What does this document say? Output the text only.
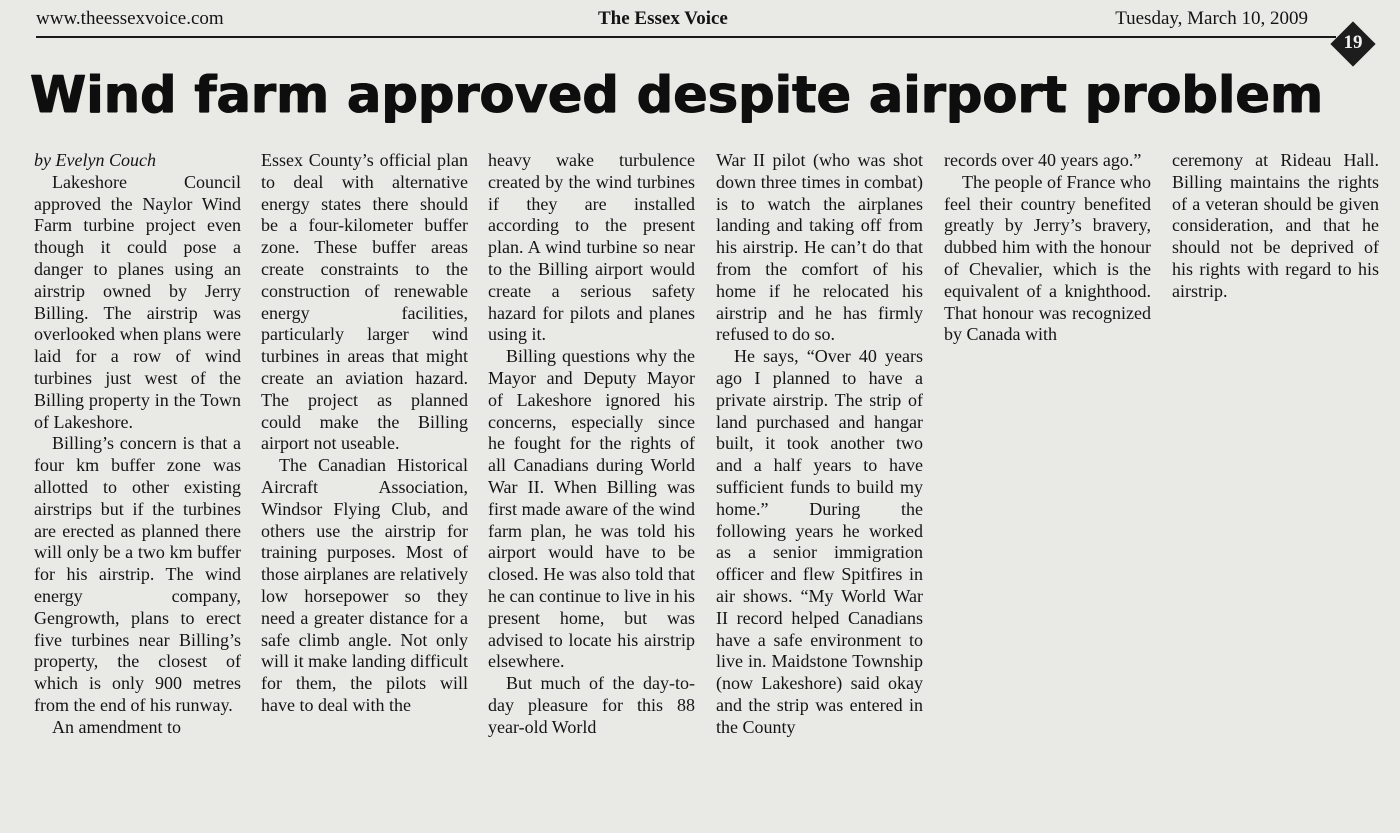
www.theessexvoice.com	The Essex Voice	Tuesday, March 10, 2009
19
Wind farm approved despite airport problem

by Evelyn Couch

Lakeshore Council approved the Naylor Wind Farm turbine project even though it could pose a danger to planes using an airstrip owned by Jerry Billing. The airstrip was overlooked when plans were laid for a row of wind turbines just west of the Billing property in the Town of Lakeshore.

Billing’s concern is that a four km buffer zone was allotted to other existing airstrips but if the turbines are erected as planned there will only be a two km buffer for his airstrip. The wind energy company, Gengrowth, plans to erect five turbines near Billing’s property, the closest of which is only 900 metres from the end of his runway.

An amendment to

Essex County’s official plan to deal with alternative energy states there should be a four-kilometer buffer zone. These buffer areas create constraints to the construction of renewable energy facilities, particularly larger wind turbines in areas that might create an aviation hazard. The project as planned could make the Billing airport not useable.

The Canadian Historical Aircraft Association, Windsor Flying Club, and others use the airstrip for training purposes. Most of those airplanes are relatively low horsepower so they need a greater distance for a safe climb angle. Not only will it make landing difficult for them, the pilots will have to deal with the

heavy wake turbulence created by the wind turbines if they are installed according to the present plan. A wind turbine so near to the Billing airport would create a serious safety hazard for pilots and planes using it.

Billing questions why the Mayor and Deputy Mayor of Lakeshore ignored his concerns, especially since he fought for the rights of all Canadians during World War II. When Billing was first made aware of the wind farm plan, he was told his airport would have to be closed. He was also told that he can continue to live in his present home, but was advised to locate his airstrip elsewhere.

But much of the day-to-day pleasure for this 88 year-old World

War II pilot (who was shot down three times in combat) is to watch the airplanes landing and taking off from his airstrip. He can’t do that from the comfort of his home if he relocated his airstrip and he has firmly refused to do so.

He says, “Over 40 years ago I planned to have a private airstrip. The strip of land purchased and hangar built, it took another two and a half years to have sufficient funds to build my home.” During the following years he worked as a senior immigration officer and flew Spitfires in air shows. “My World War II record helped Canadians have a safe environment to live in. Maidstone Township (now Lakeshore) said okay and the strip was entered in the County

records over 40 years ago.”

The people of France who feel their country benefited greatly by Jerry’s bravery, dubbed him with the honour of Chevalier, which is the equivalent of a knighthood. That honour was recognized by Canada with

ceremony at Rideau Hall. Billing maintains the rights of a veteran should be given consideration, and that he should not be deprived of his rights with regard to his airstrip.
